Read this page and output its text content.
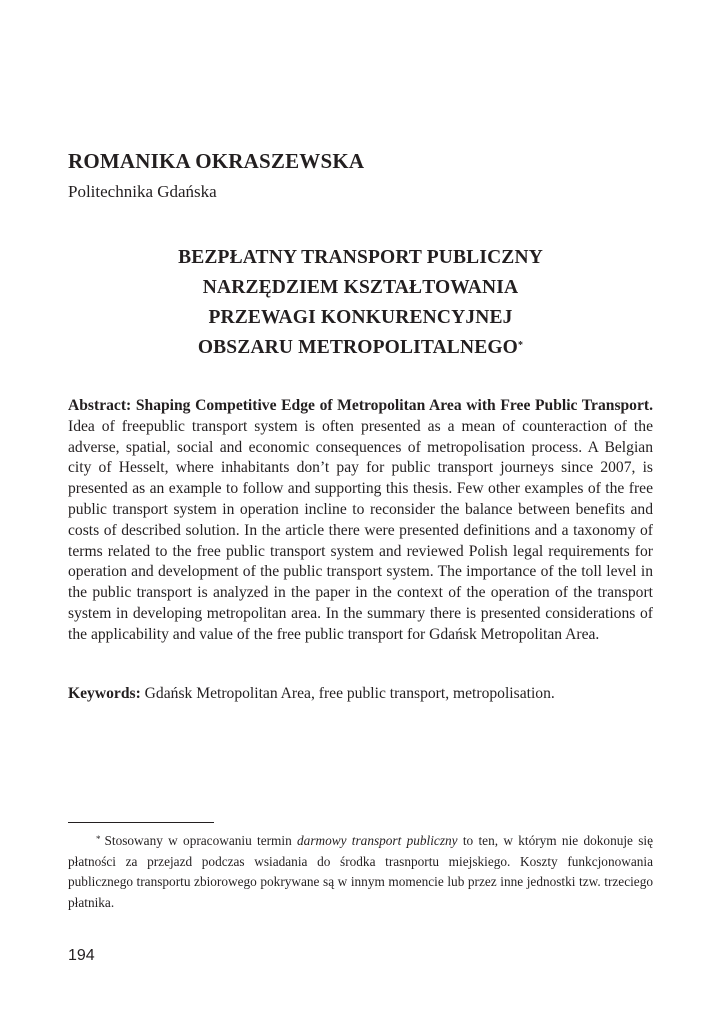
ROMANIKA OKRASZEWSKA

Politechnika Gdańska

BEZPŁATNY TRANSPORT PUBLICZNY
NARZĘDZIEM KSZTAŁTOWANIA
PRZEWAGI KONKURENCYJNEJ
OBSZARU METROPOLITALNEGO*

Abstract: Shaping Competitive Edge of Metropolitan Area with Free Public Transport. Idea of freepublic transport system is often presented as a mean of counteraction of the adverse, spatial, social and economic consequences of metropolisation process. A Belgian city of Hesselt, where inhabitants don’t pay for public transport journeys since 2007, is presented as an example to follow and supporting this thesis. Few other examples of the free public transport system in operation incline to reconsider the balance between benefits and costs of described solution. In the article there were presented definitions and a taxonomy of terms related to the free public transport system and reviewed Polish legal requirements for operation and development of the public transport system. The importance of the toll level in the public transport is analyzed in the paper in the context of the operation of the transport system in developing metropolitan area. In the summary there is presented considerations of the applicability and value of the free public transport for Gdańsk Metropolitan Area.

Keywords: Gdańsk Metropolitan Area, free public transport, metropolisation.

* Stosowany w opracowaniu termin darmowy transport publiczny to ten, w którym nie dokonuje się płatności za przejazd podczas wsiadania do środka trasnportu miejskiego. Koszty funkcjonowania publicznego transportu zbiorowego pokrywane są w innym momencie lub przez inne jednostki tzw. trzeciego płatnika.

194
